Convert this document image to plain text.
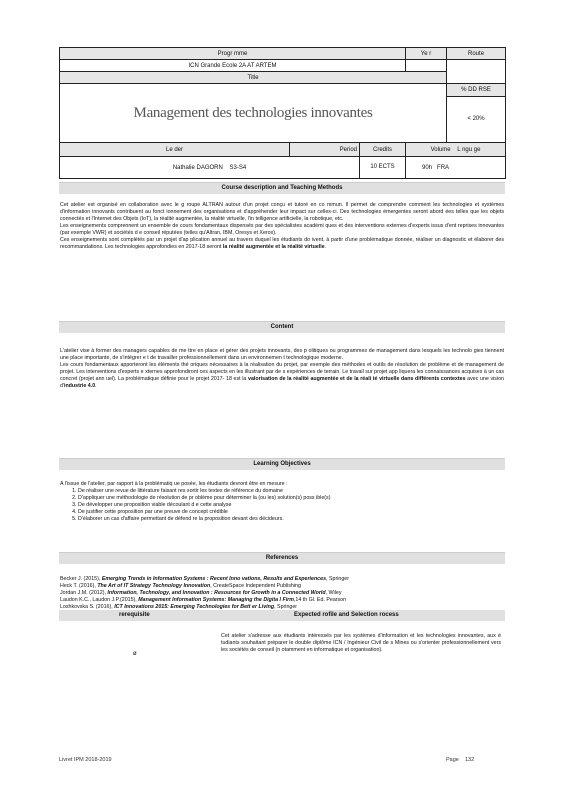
Progr mme	Ye r	Route
ICN Grande Ecole 2A AT ARTEM		
Title		

Management des technologies innovantes				% DD RSE
< 20%

Le der	Period	Credits	Volume L ngu ge	
Nathalie DAGORN S3-S4		10 ECTS	90h FRA	
Course description and Teaching Methods

Cet atelier est organisé en collaboration avec le g roupe ALTRAN autour d'un projet conçu et tutoré en co mmun. Il permet de comprendre comment les technologies et systèmes d'information innovants contribuent au fonct ionnement des organisations et d'appréhender leur impact sur celles-ci. Des technologies émergentes seront abord ées telles que les objets connectés et l'Internet des Objets (IoT), la réalité augmentée, la réalité virtuelle, l'in telligence artificielle, la robotique, etc.

Les enseignements comprennent un ensemble de cours fondamentaux dispensés par des spécialistes académi ques et des interventions externes d'experts issus d'ent reprises innovantes (par exemple VWR) et sociétés d e conseil réputées (telles qu'Altran, IBM, Oresys et Xerox).

Ces enseignements sont complétés par un projet d'ap plication annuel au travers duquel les étudiants do ivent, à partir d'une problématique donnée, réaliser un diagnostic et élaborer des recommandations. Les technologies approfondies en 2017-18 seront la réalité augmentée et la réalité virtuelle.

Content

L'atelier vise à former des managers capables de me ttre en place et gérer des projets innovants, des p olitiques ou programmes de management dans lesquels les technolo gies tiennent une place importante, de s'intégrer e t de travailler professionnellement dans un environnemen t technologique moderne.

Les cours fondamentaux apporteront les éléments thé oriques nécessaires à la réalisation du projet, par exemple des méthodes et outils de résolution de problème et de management de projet. Les interventions d'experts e xternes approfondiront ces aspects en les illustrant par de s expériences de terrain. Le travail sur projet app liquera les connaissances acquises à un cas concret (projet ann uel). La problématique définie pour le projet 2017- 18 est la valorisation de la réalité augmentée et de la réali té virtuelle dans différents contextes avec une vision d'industrie 4.0.

Learning Objectives

A l'issue de l'atelier, par rapport à la problématiq ue posée, les étudiants devront être en mesure :

1. De réaliser une revue de littérature faisant res sortir les textes de référence du domaine
2. D'appliquer une méthodologie de résolution de pr oblème pour déterminer la (ou les) solution(s) poss ible(s)
3. De développer une proposition viable découlant d e cette analyse
4. De justifier cette proposition par une preuve de concept crédible
5. D'élaborer un cas d'affaire permettant de défend re la proposition devant des décideurs.
References

Becker J. (2015), Emerging Trends in Information Systems : Recent Inno vations, Results and Experiences, Springer

Heck T. (2016), The Art of IT Strategy Technology Innovation, CreateSpace Independent Publishing

Jordan J.M. (2012), Information, Technology, and Innovation : Resources for Growth in a Connected World, Wiley

Laudon K.C., Laudon J.P.(2015), Management Information Systems: Managing the Digita l Firm,14 th Gl. Ed. Pearson

Loshkovska S. (2016), ICT Innovations 2015: Emerging Technologies for Bett er Living, Springer

rerequisite	Expected rofile and Selection rocess
ø
Cet atelier s'adresse aux étudiants intéressés par les systèmes d'information et les technologies innovantes, aux é tudiants souhaitant préparer le double diplôme ICN / Ingénieur Civil de s Mines ou s'orienter professionnellement vers les sociétés de conseil (n otamment en informatique et organisation).
Livret IPM 2018-2019	Page 132
